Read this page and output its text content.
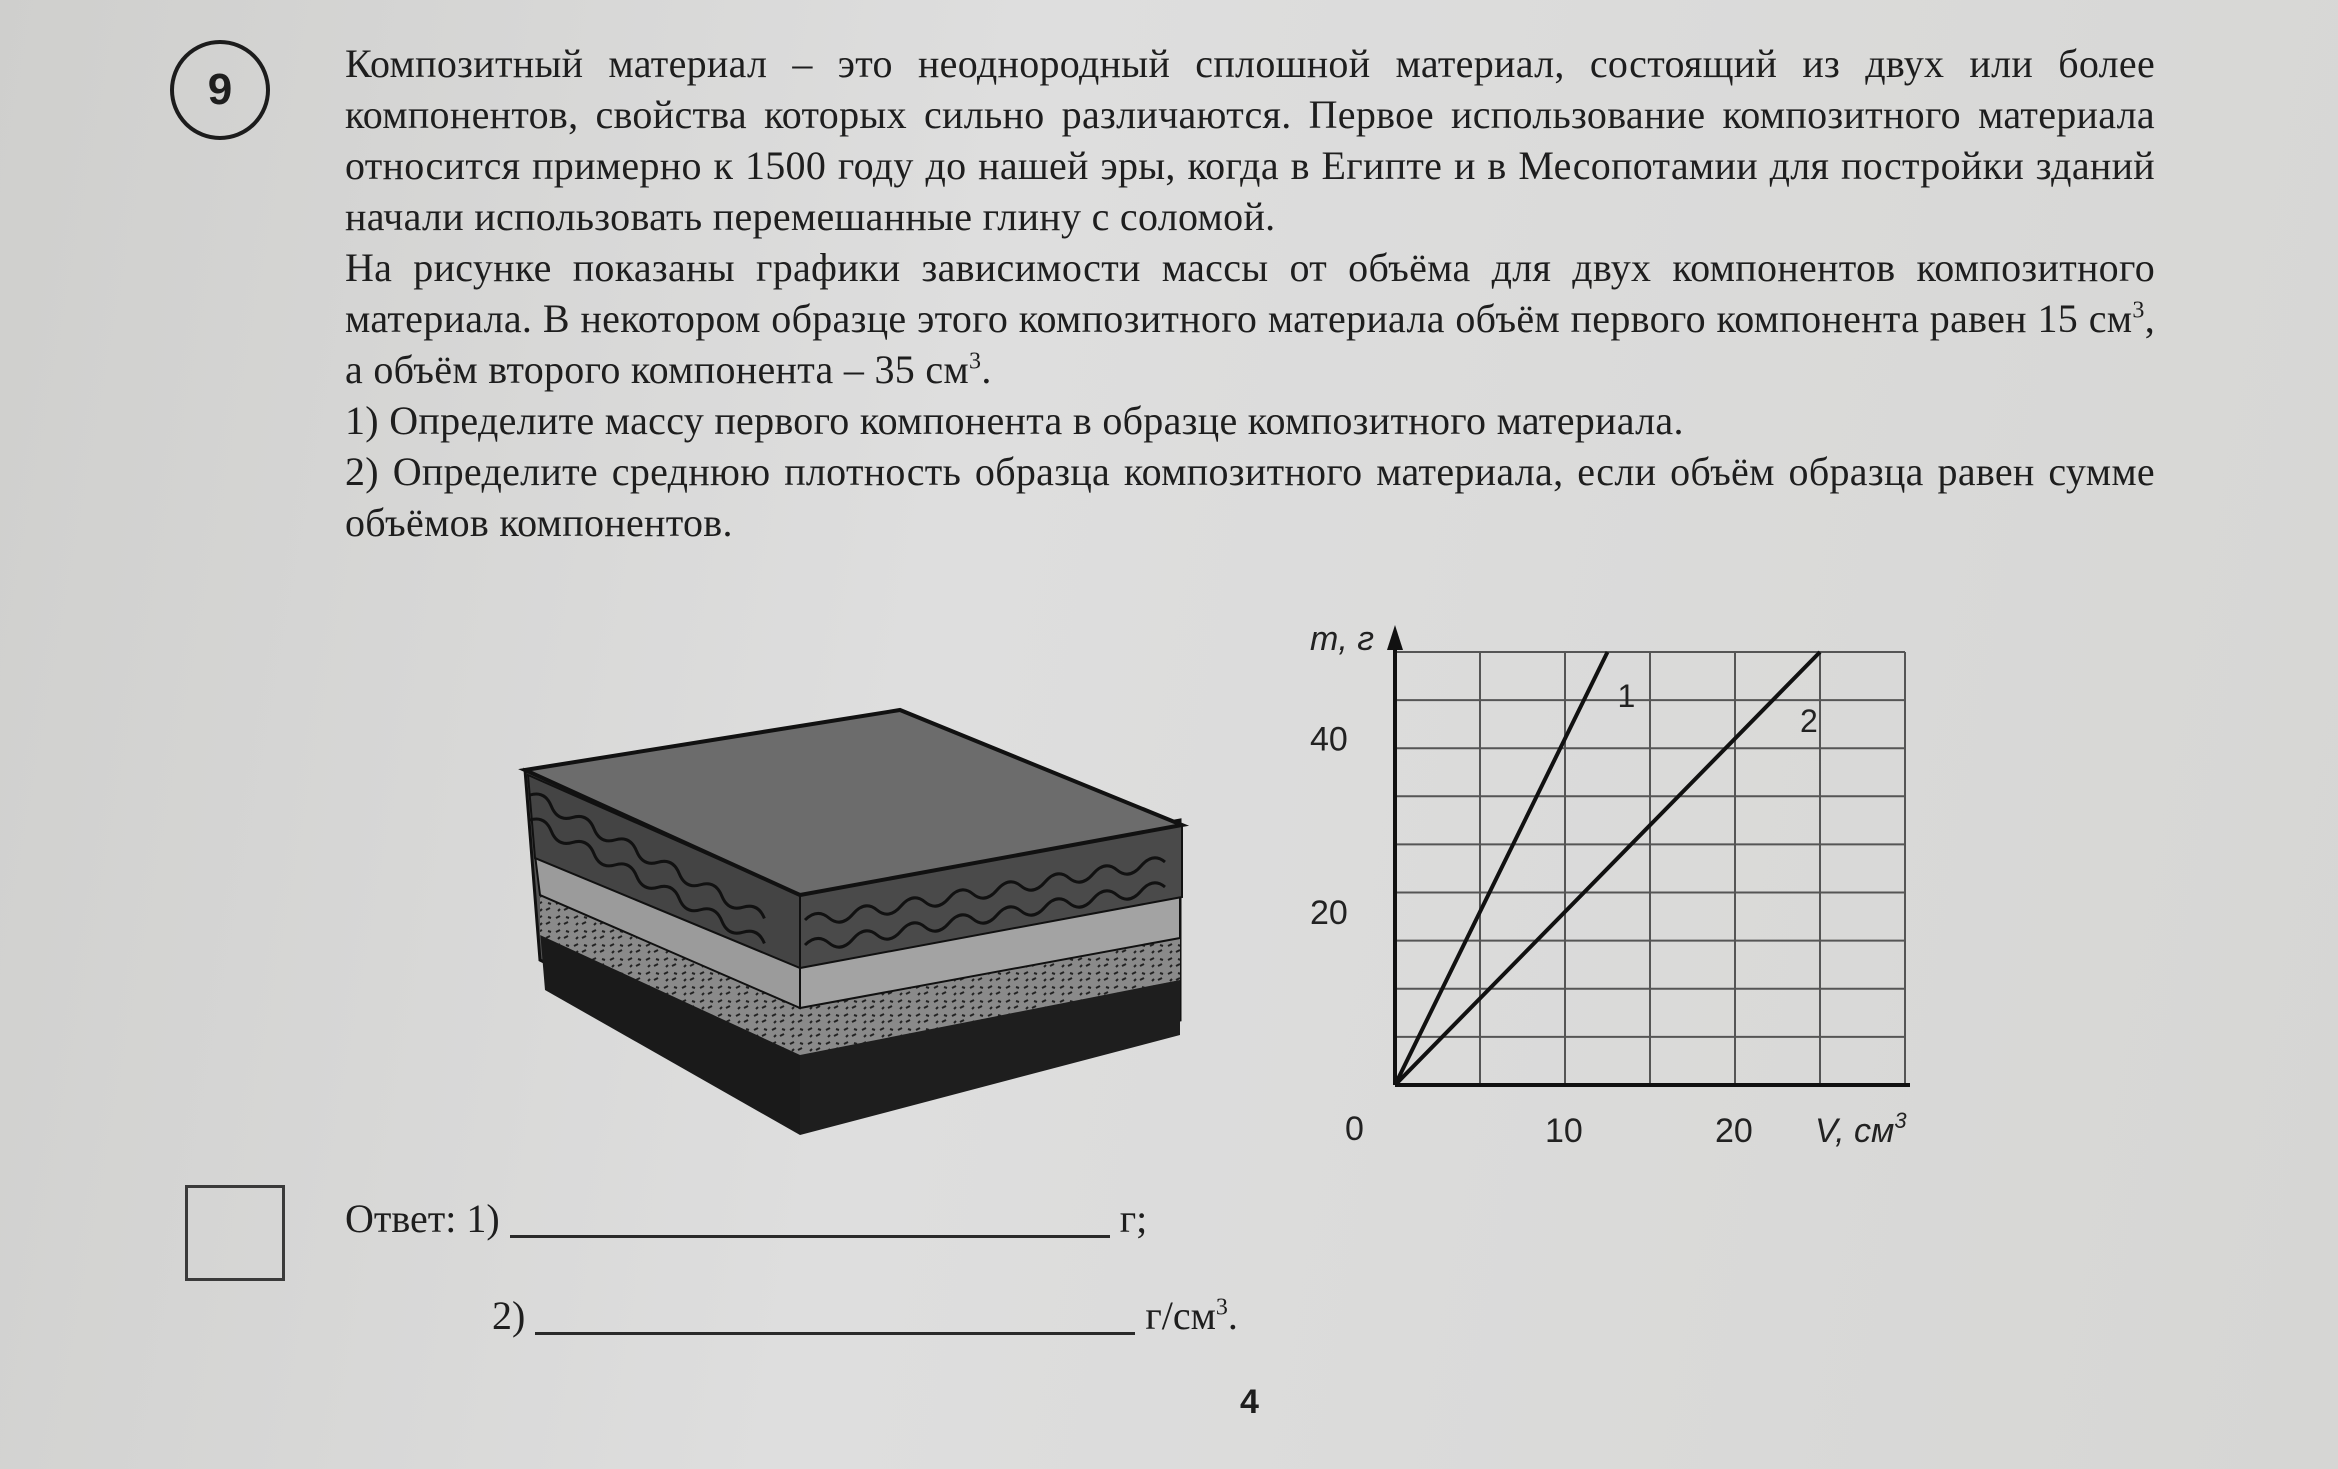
9

Композитный материал – это неоднородный сплошной материал, состоящий из двух или более компонентов, свойства которых сильно различаются. Первое использование композитного материала относится примерно к 1500 году до нашей эры, когда в Египте и в Месопотамии для постройки зданий начали использовать перемешанные глину с соломой.

На рисунке показаны графики зависимости массы от объёма для двух компонентов композитного материала. В некотором образце этого композитного материала объём первого компонента равен 15 $см^3$, а объём второго компонента – 35 $см^3$.

1) Определите массу первого компонента в образце композитного материала.

2) Определите среднюю плотность образца композитного материала, если объём образца равен сумме объёмов компонентов.

1
2
m, г
0	V, $см^3$
10	20
20
40
Ответ: 1)	г;
2)	$г/см^3$.
4
